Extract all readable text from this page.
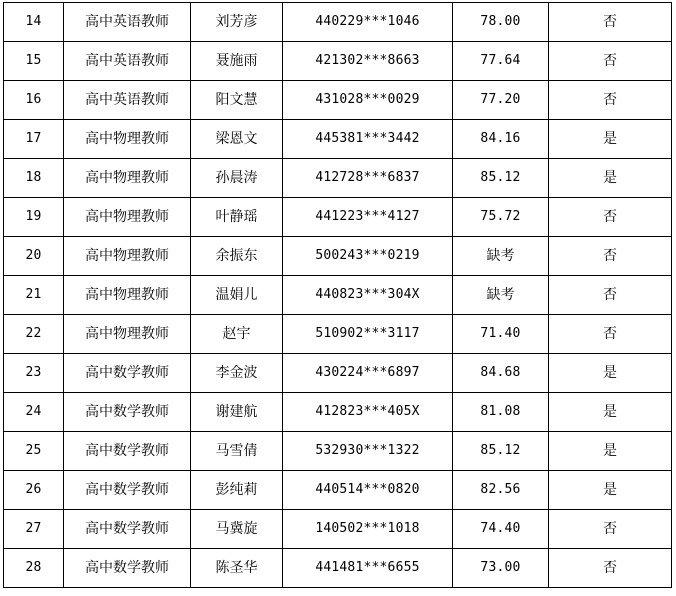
14	高中英语教师	刘芳彦	440229***1046	78.00	否
15	高中英语教师	聂施雨	421302***8663	77.64	否
16	高中英语教师	阳文慧	431028***0029	77.20	否
17	高中物理教师	梁恩文	445381***3442	84.16	是
18	高中物理教师	孙晨涛	412728***6837	85.12	是
19	高中物理教师	叶静瑶	441223***4127	75.72	否
20	高中物理教师	余振东	500243***0219	缺考	否
21	高中物理教师	温娟儿	440823***304X	缺考	否
22	高中物理教师	赵宇	510902***3117	71.40	否
23	高中数学教师	李金波	430224***6897	84.68	是
24	高中数学教师	谢建航	412823***405X	81.08	是
25	高中数学教师	马雪倩	532930***1322	85.12	是
26	高中数学教师	彭纯莉	440514***0820	82.56	是
27	高中数学教师	马冀旋	140502***1018	74.40	否
28	高中数学教师	陈圣华	441481***6655	73.00	否
